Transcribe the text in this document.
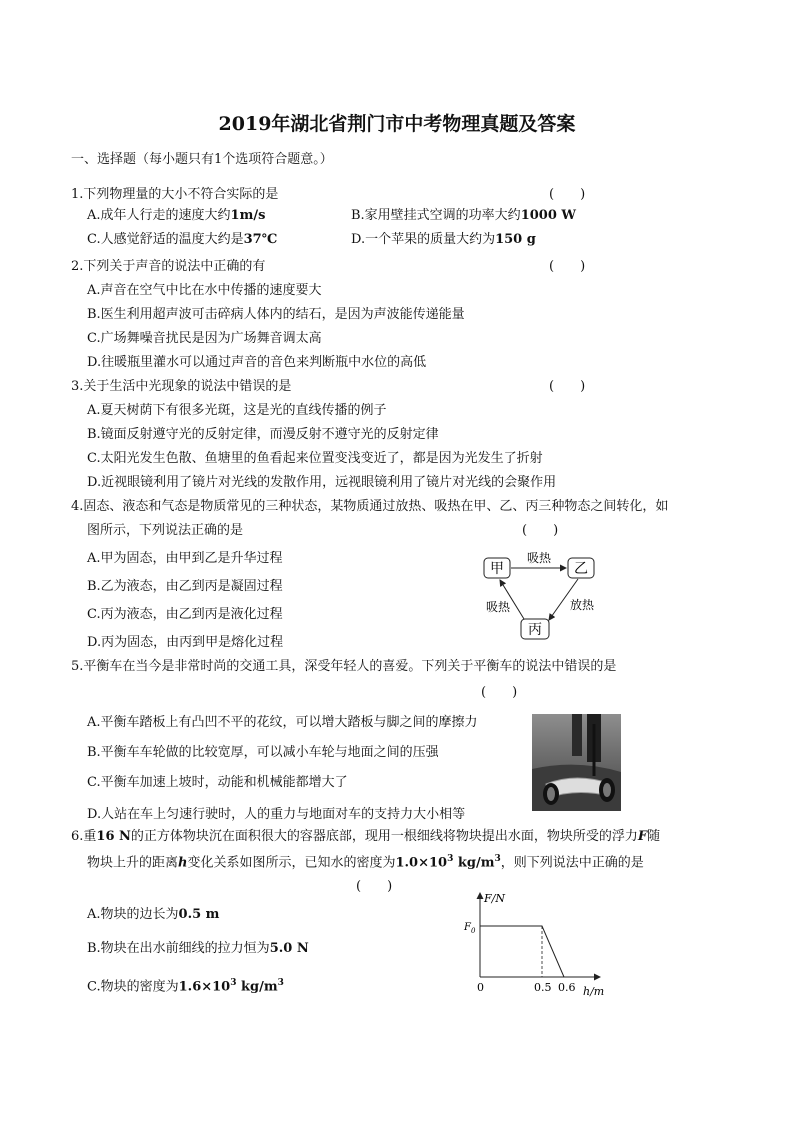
2019年湖北省荆门市中考物理真题及答案
一、选择题（每小题只有1个选项符合题意。）
1.下列物理量的大小不符合实际的是	(　　)
A.成年人行走的速度大约1m/s	B.家用壁挂式空调的功率大约1000 W
C.人感觉舒适的温度大约是37℃	D.一个苹果的质量大约为150 g
2.下列关于声音的说法中正确的有	(　　)
A.声音在空气中比在水中传播的速度要大
B.医生利用超声波可击碎病人体内的结石，是因为声波能传递能量
C.广场舞噪音扰民是因为广场舞音调太高
D.往暖瓶里灌水可以通过声音的音色来判断瓶中水位的高低
3.关于生活中光现象的说法中错误的是	(　　)
A.夏天树荫下有很多光斑，这是光的直线传播的例子
B.镜面反射遵守光的反射定律，而漫反射不遵守光的反射定律
C.太阳光发生色散、鱼塘里的鱼看起来位置变浅变近了，都是因为光发生了折射
D.近视眼镜利用了镜片对光线的发散作用，远视眼镜利用了镜片对光线的会聚作用
4.固态、液态和气态是物质常见的三种状态，某物质通过放热、吸热在甲、乙、丙三种物态之间转化，如
图所示，下列说法正确的是	(　　)
A.甲为固态，由甲到乙是升华过程
B.乙为液态，由乙到丙是凝固过程
C.丙为液态，由乙到丙是液化过程
D.丙为固态，由丙到甲是熔化过程
甲	乙
丙
吸热
放热
吸热
5.平衡车在当今是非常时尚的交通工具，深受年轻人的喜爱。下列关于平衡车的说法中错误的是
(　　)
A.平衡车踏板上有凸凹不平的花纹，可以增大踏板与脚之间的摩擦力
B.平衡车车轮做的比较宽厚，可以减小车轮与地面之间的压强
C.平衡车加速上坡时，动能和机械能都增大了
D.人站在车上匀速行驶时，人的重力与地面对车的支持力大小相等
6.重16 N的正方体物块沉在面积很大的容器底部，现用一根细线将物块提出水面，物块所受的浮力F随
物块上升的距离h变化关系如图所示，已知水的密度为$1.0\times 10^3$ $kg/m^3$，则下列说法中正确的是
(　　)
A.物块的边长为0.5 m
B.物块在出水前细线的拉力恒为5.0 N
C.物块的密度为$1.6\times 10^3$ $kg/m^3$
F/N
h/m
$F_0$
0	0.5 0.6
